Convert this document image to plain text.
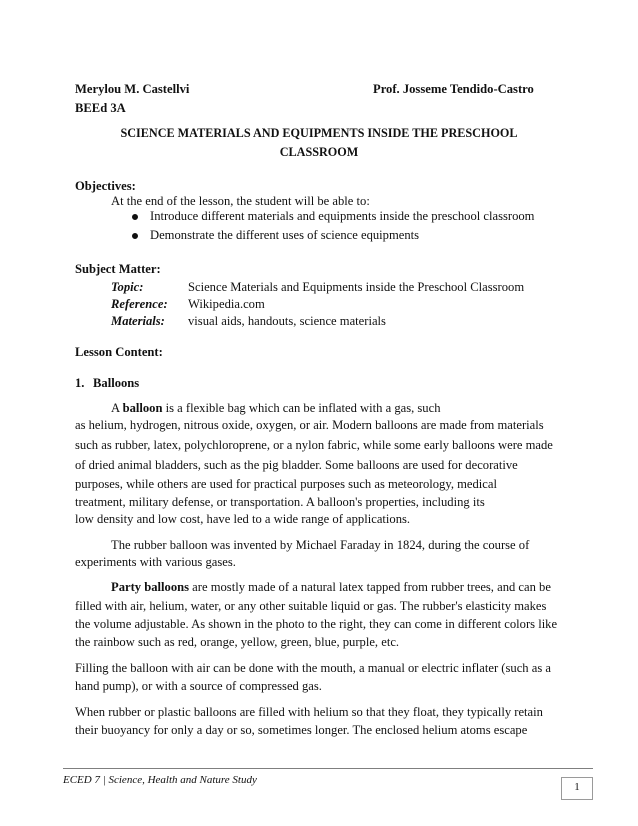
Merylou M. Castellvi	Prof. Josseme Tendido-Castro
BEEd 3A
SCIENCE MATERIALS AND EQUIPMENTS INSIDE THE PRESCHOOL
CLASSROOM
Objectives:
At the end of the lesson, the student will be able to:
Introduce different materials and equipments inside the preschool classroom
Demonstrate the different uses of science equipments
Subject Matter:
Topic:	Science Materials and Equipments inside the Preschool Classroom
Reference: Wikipedia.com
Materials: visual aids, handouts, science materials
Lesson Content:
1. Balloons
A balloon is a flexible bag which can be inflated with a gas, such
as helium, hydrogen, nitrous oxide, oxygen, or air. Modern balloons are made from materials
such as rubber, latex, polychloroprene, or a nylon fabric, while some early balloons were made
of dried animal bladders, such as the pig bladder. Some balloons are used for decorative
purposes, while others are used for practical purposes such as meteorology, medical
treatment, military defense, or transportation. A balloon's properties, including its
low density and low cost, have led to a wide range of applications.
The rubber balloon was invented by Michael Faraday in 1824, during the course of
experiments with various gases.
Party balloons are mostly made of a natural latex tapped from rubber trees, and can be
filled with air, helium, water, or any other suitable liquid or gas. The rubber's elasticity makes
the volume adjustable. As shown in the photo to the right, they can come in different colors like
the rainbow such as red, orange, yellow, green, blue, purple, etc.
Filling the balloon with air can be done with the mouth, a manual or electric inflater (such as a
hand pump), or with a source of compressed gas.
When rubber or plastic balloons are filled with helium so that they float, they typically retain
their buoyancy for only a day or so, sometimes longer. The enclosed helium atoms escape
ECED 7 | Science, Health and Nature Study
1
